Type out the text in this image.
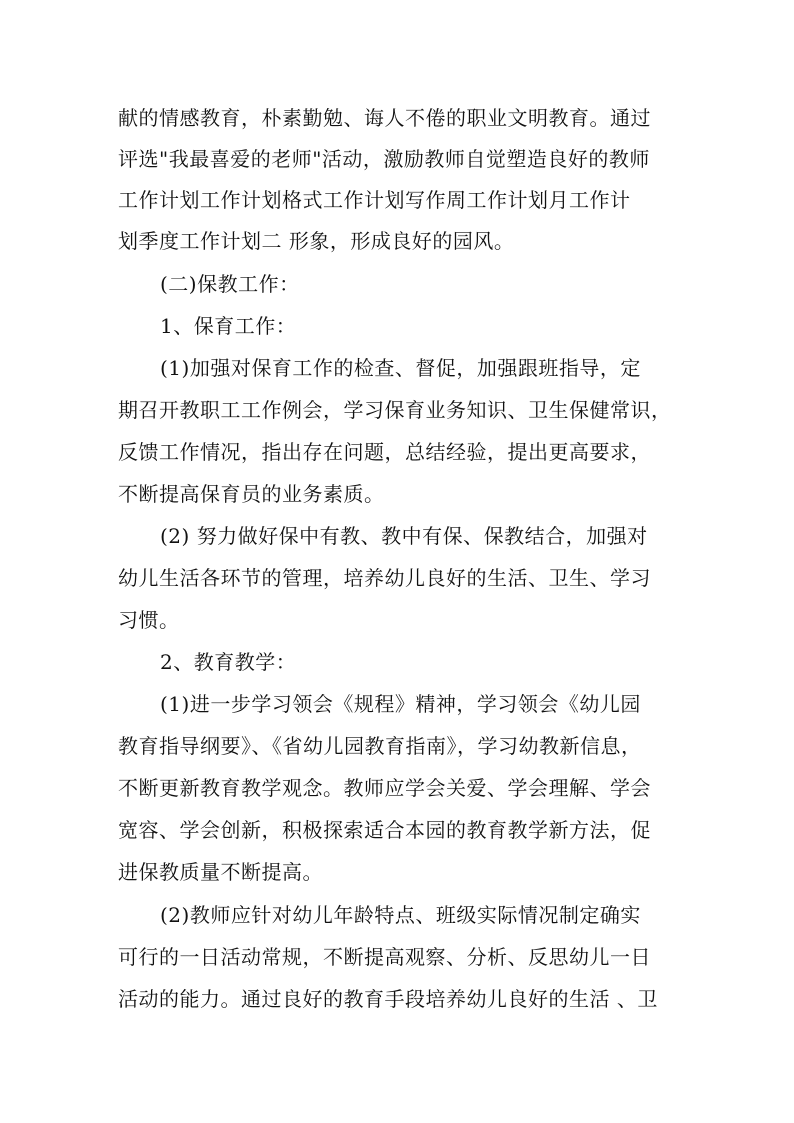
献的情感教育，朴素勤勉、诲人不倦的职业文明教育。通过
评选"我最喜爱的老师"活动，激励教师自觉塑造良好的教师
工作计划工作计划格式工作计划写作周工作计划月工作计
划季度工作计划二 形象，形成良好的园风。
(二)保教工作：
1、保育工作：
(1)加强对保育工作的检查、督促，加强跟班指导，定
期召开教职工工作例会，学习保育业务知识、卫生保健常识，
反馈工作情况，指出存在问题，总结经验，提出更高要求，
不断提高保育员的业务素质。
(2) 努力做好保中有教、教中有保、保教结合，加强对
幼儿生活各环节的管理，培养幼儿良好的生活、卫生、学习
习惯。
2、教育教学：
(1)进一步学习领会《规程》精神，学习领会《幼儿园
教育指导纲要》、《省幼儿园教育指南》，学习幼教新信息，
不断更新教育教学观念。教师应学会关爱、学会理解、学会
宽容、学会创新，积极探索适合本园的教育教学新方法，促
进保教质量不断提高。
(2)教师应针对幼儿年龄特点、班级实际情况制定确实
可行的一日活动常规，不断提高观察、分析、反思幼儿一日
活动的能力。通过良好的教育手段培养幼儿良好的生活 、卫
